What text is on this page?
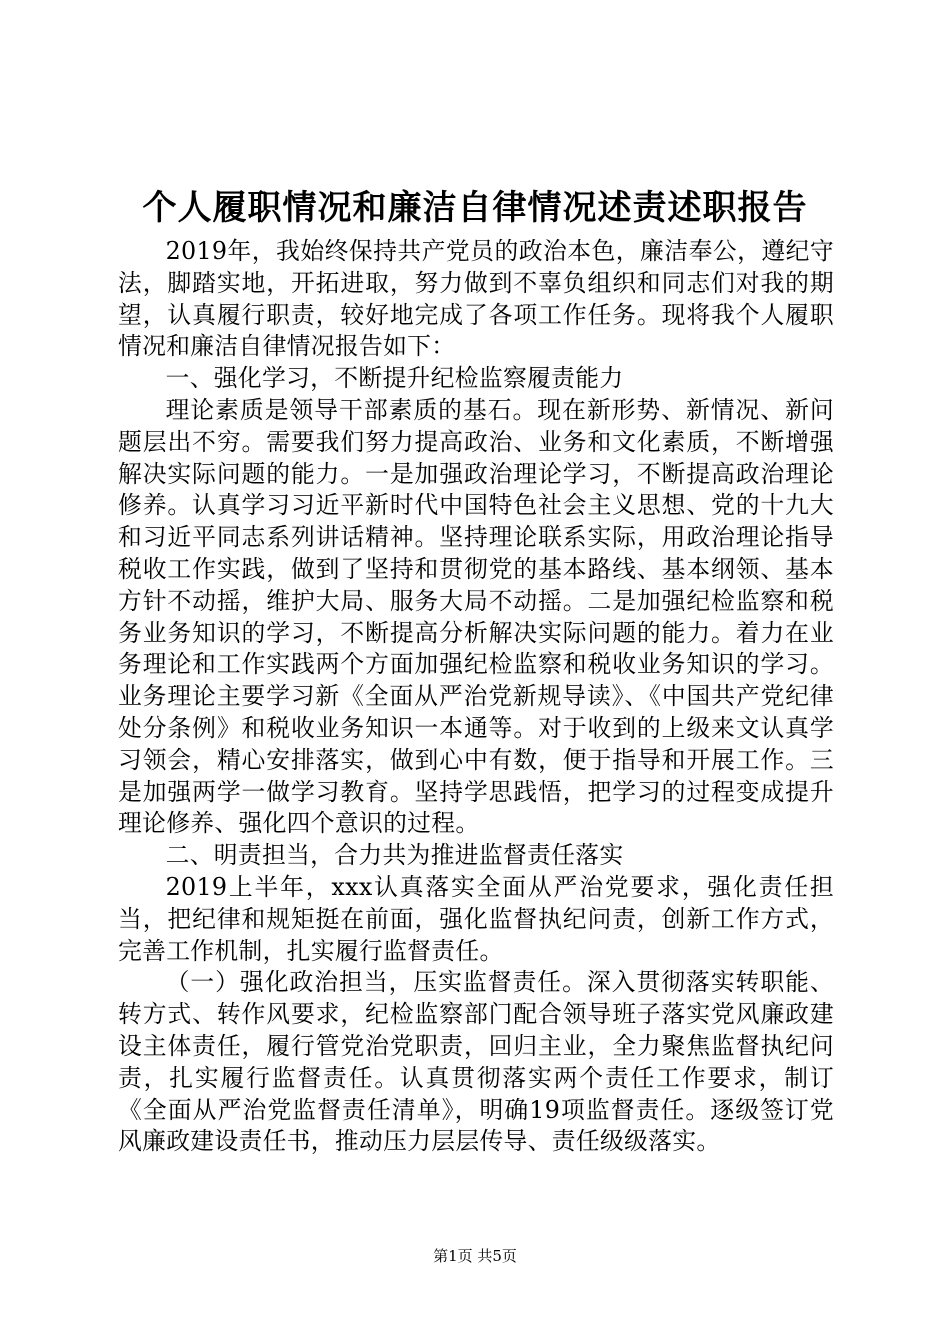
个人履职情况和廉洁自律情况述责述职报告

2019年，我始终保持共产党员的政治本色，廉洁奉公，遵纪守法，脚踏实地，开拓进取，努力做到不辜负组织和同志们对我的期望，认真履行职责，较好地完成了各项工作任务。现将我个人履职情况和廉洁自律情况报告如下：

一、强化学习，不断提升纪检监察履责能力

理论素质是领导干部素质的基石。现在新形势、新情况、新问题层出不穷。需要我们努力提高政治、业务和文化素质，不断增强解决实际问题的能力。一是加强政治理论学习，不断提高政治理论修养。认真学习习近平新时代中国特色社会主义思想、党的十九大和习近平同志系列讲话精神。坚持理论联系实际，用政治理论指导税收工作实践，做到了坚持和贯彻党的基本路线、基本纲领、基本方针不动摇，维护大局、服务大局不动摇。二是加强纪检监察和税务业务知识的学习，不断提高分析解决实际问题的能力。着力在业务理论和工作实践两个方面加强纪检监察和税收业务知识的学习。业务理论主要学习新《全面从严治党新规导读》、《中国共产党纪律处分条例》和税收业务知识一本通等。对于收到的上级来文认真学习领会，精心安排落实，做到心中有数，便于指导和开展工作。三是加强两学一做学习教育。坚持学思践悟，把学习的过程变成提升理论修养、强化四个意识的过程。

二、明责担当，合力共为推进监督责任落实

2019上半年，xxx认真落实全面从严治党要求，强化责任担当，把纪律和规矩挺在前面，强化监督执纪问责，创新工作方式，完善工作机制，扎实履行监督责任。

（一）强化政治担当，压实监督责任。深入贯彻落实转职能、转方式、转作风要求，纪检监察部门配合领导班子落实党风廉政建设主体责任，履行管党治党职责，回归主业，全力聚焦监督执纪问责，扎实履行监督责任。认真贯彻落实两个责任工作要求，制订《全面从严治党监督责任清单》，明确19项监督责任。逐级签订党风廉政建设责任书，推动压力层层传导、责任级级落实。

第1页 共5页
